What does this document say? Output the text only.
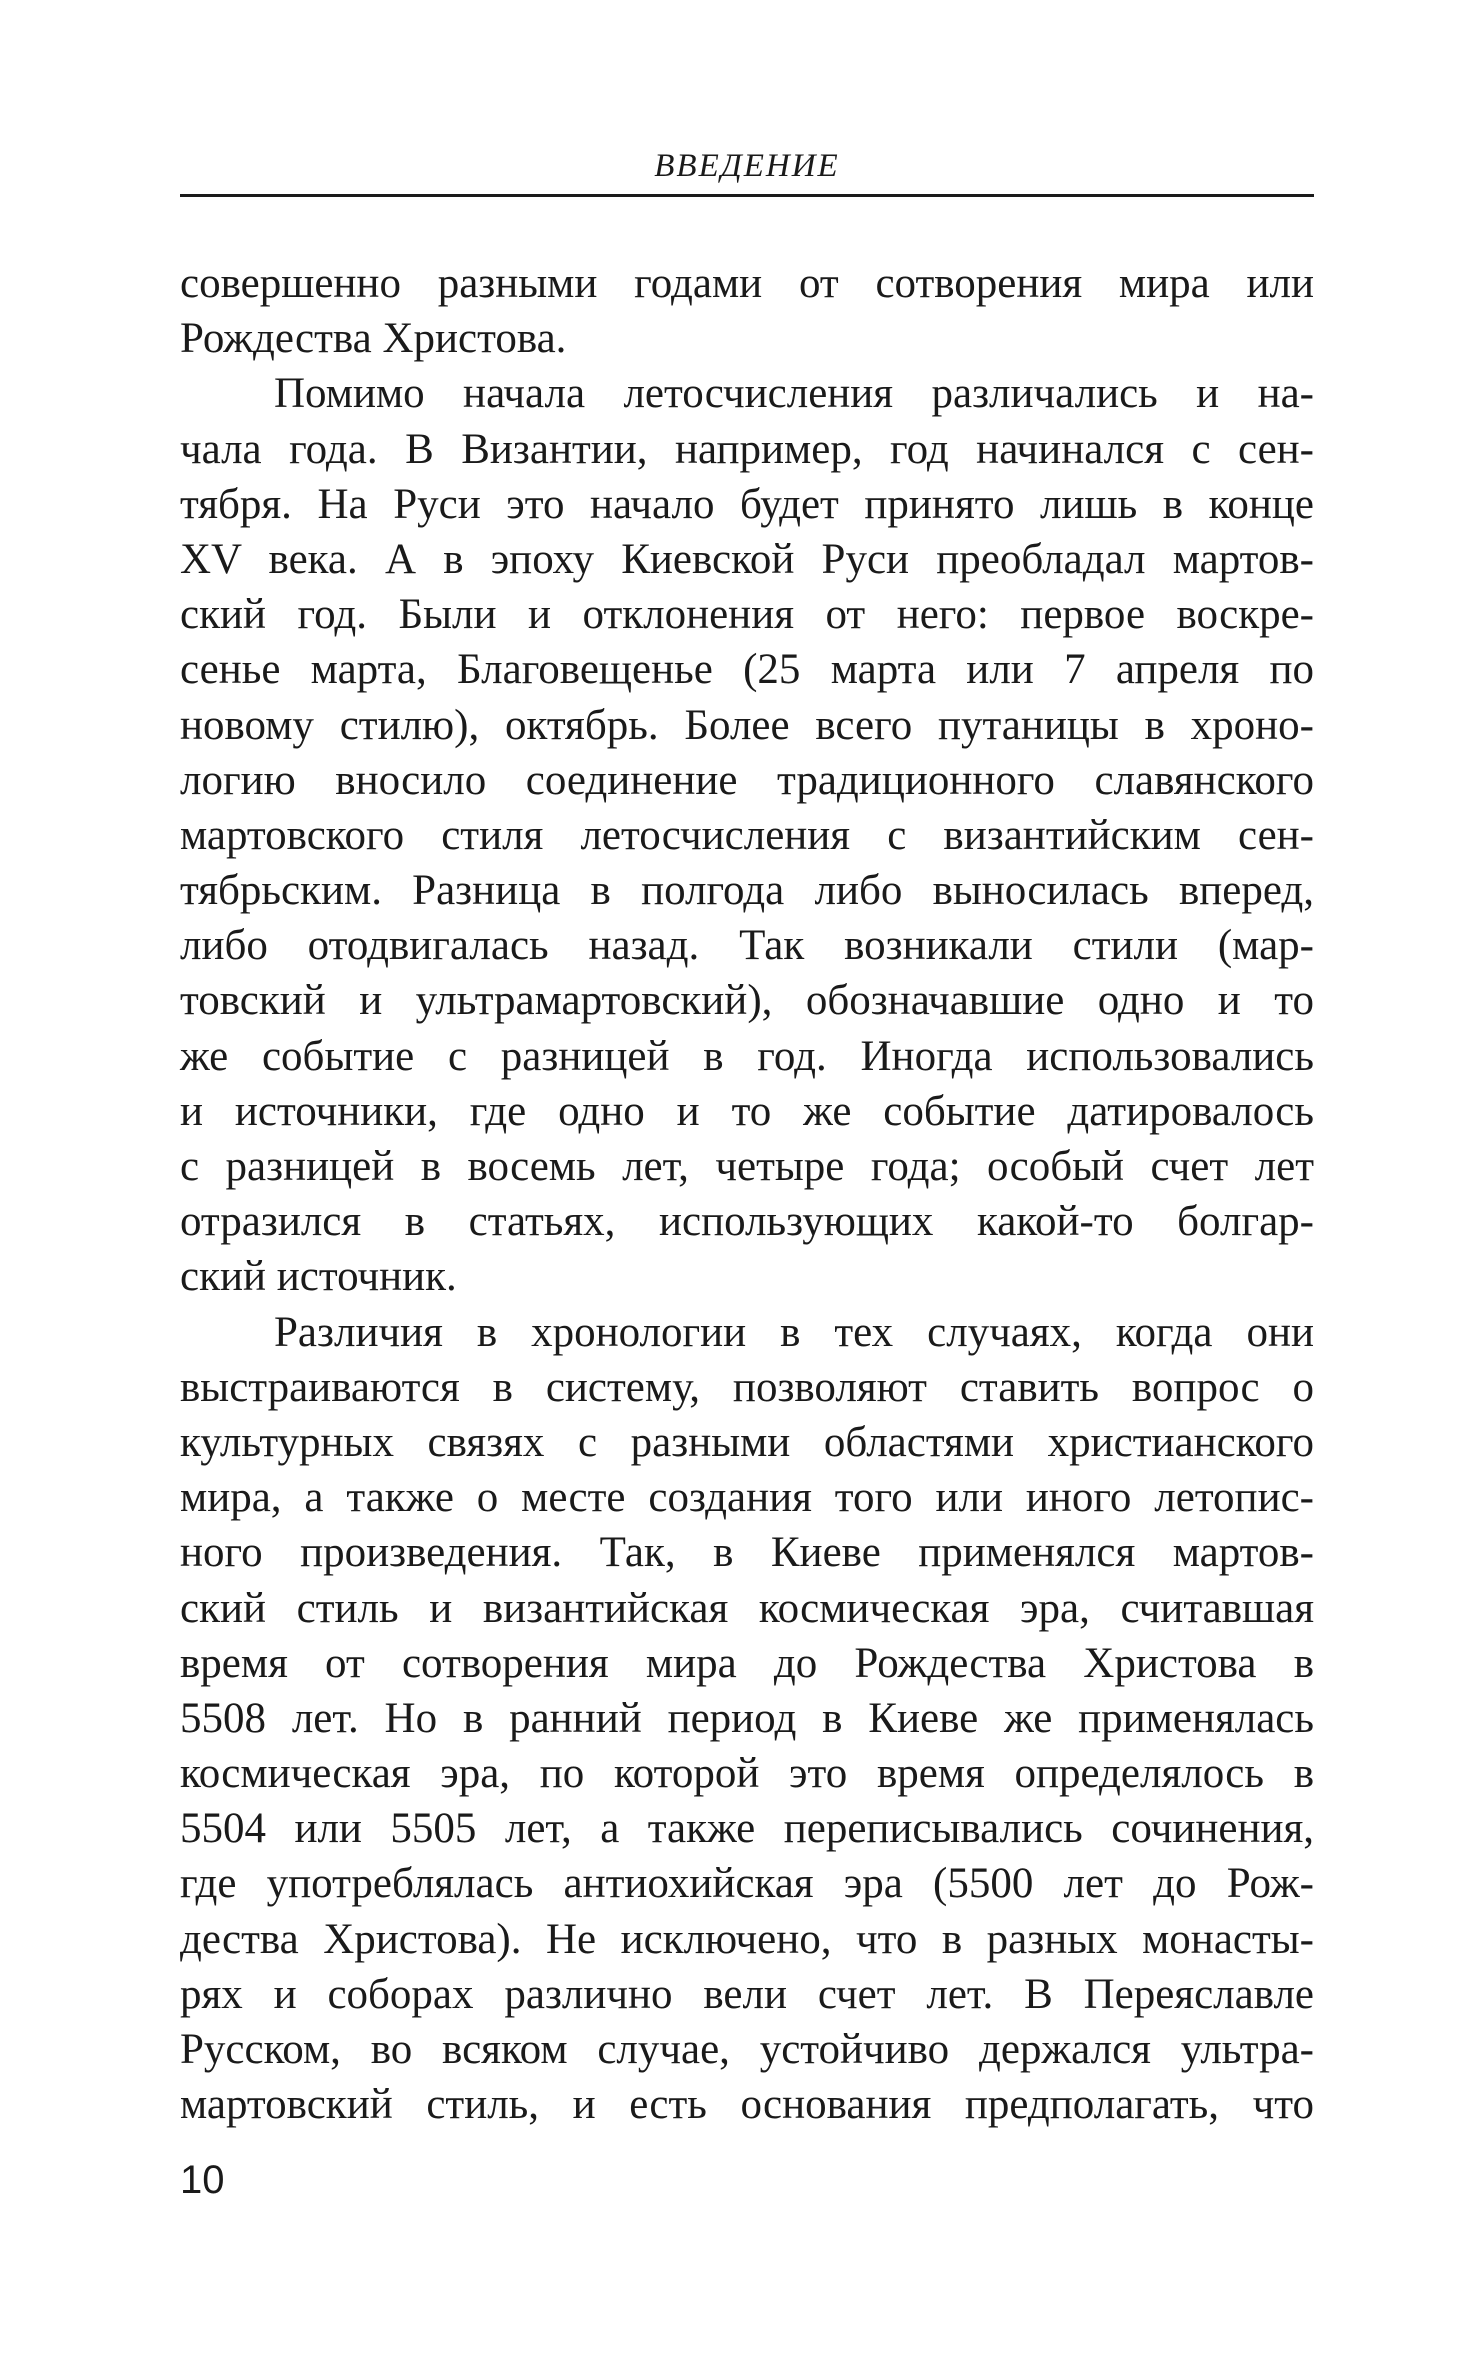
ВВЕДЕНИЕ
совершенно разными годами от сотворения мира или
Рождества Христова.
Помимо начала летосчисления различались и на-
чала года. В Византии, например, год начинался с сен-
тября. На Руси это начало будет принято лишь в конце
XV века. А в эпоху Киевской Руси преобладал мартов-
ский год. Были и отклонения от него: первое воскре-
сенье марта, Благовещенье (25 марта или 7 апреля по
новому стилю), октябрь. Более всего путаницы в хроно-
логию вносило соединение традиционного славянского
мартовского стиля летосчисления с византийским сен-
тябрьским. Разница в полгода либо выносилась вперед,
либо отодвигалась назад. Так возникали стили (мар-
товский и ультрамартовский), обозначавшие одно и то
же событие с разницей в год. Иногда использовались
и источники, где одно и то же событие датировалось
с разницей в восемь лет, четыре года; особый счет лет
отразился в статьях, использующих какой-то болгар-
ский источник.
Различия в хронологии в тех случаях, когда они
выстраиваются в систему, позволяют ставить вопрос о
культурных связях с разными областями христианского
мира, а также о месте создания того или иного летопис-
ного произведения. Так, в Киеве применялся мартов-
ский стиль и византийская космическая эра, считавшая
время от сотворения мира до Рождества Христова в
5508 лет. Но в ранний период в Киеве же применялась
космическая эра, по которой это время определялось в
5504 или 5505 лет, а также переписывались сочинения,
где употреблялась антиохийская эра (5500 лет до Рож-
дества Христова). Не исключено, что в разных монасты-
рях и соборах различно вели счет лет. В Переяславле
Русском, во всяком случае, устойчиво держался ультра-
мартовский стиль, и есть основания предполагать, что
10
